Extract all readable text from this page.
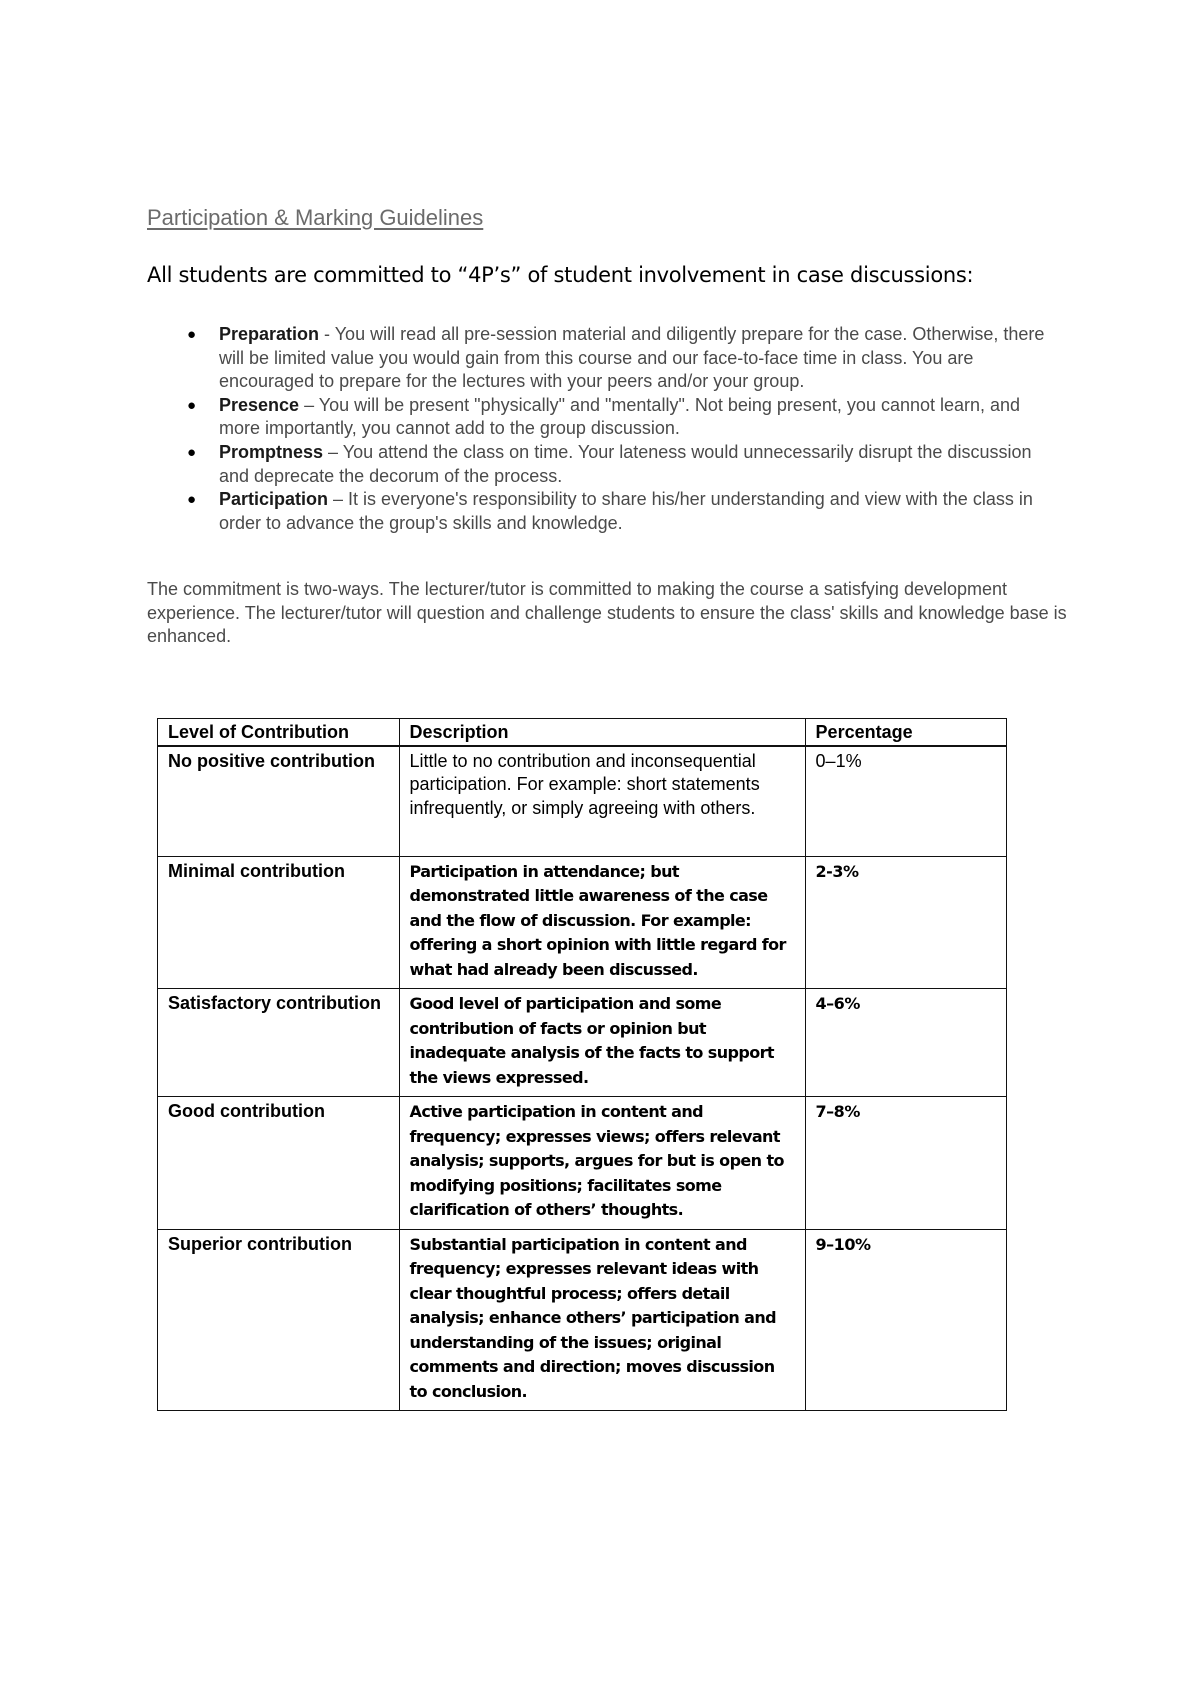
Participation & Marking Guidelines
All students are committed to “4P’s” of student involvement in case discussions:
● Preparation - You will read all pre-session material and diligently prepare for the case. Otherwise, there will be limited value you would gain from this course and our face-to-face time in class. You are encouraged to prepare for the lectures with your peers and/or your group.
● Presence – You will be present "physically" and "mentally". Not being present, you cannot learn, and more importantly, you cannot add to the group discussion.
● Promptness – You attend the class on time. Your lateness would unnecessarily disrupt the discussion and deprecate the decorum of the process.
● Participation – It is everyone's responsibility to share his/her understanding and view with the class in order to advance the group's skills and knowledge.

The commitment is two-ways. The lecturer/tutor is committed to making the course a satisfying development experience. The lecturer/tutor will question and challenge students to ensure the class' skills and knowledge base is enhanced.

Level of Contribution	Description	Percentage
No positive contribution	Little to no contribution and inconsequential participation. For example: short statements infrequently, or simply agreeing with others.	0–1%
Minimal contribution	Participation in attendance; but demonstrated little awareness of the case and the flow of discussion. For example: offering a short opinion with little regard for what had already been discussed.	2-3%
Satisfactory contribution	Good level of participation and some contribution of facts or opinion but inadequate analysis of the facts to support the views expressed.	4–6%
Good contribution	Active participation in content and frequency; expresses views; offers relevant analysis; supports, argues for but is open to modifying positions; facilitates some clarification of others’ thoughts.	7–8%
Superior contribution	Substantial participation in content and frequency; expresses relevant ideas with clear thoughtful process; offers detail analysis; enhance others’ participation and understanding of the issues; original comments and direction; moves discussion to conclusion.	9–10%
